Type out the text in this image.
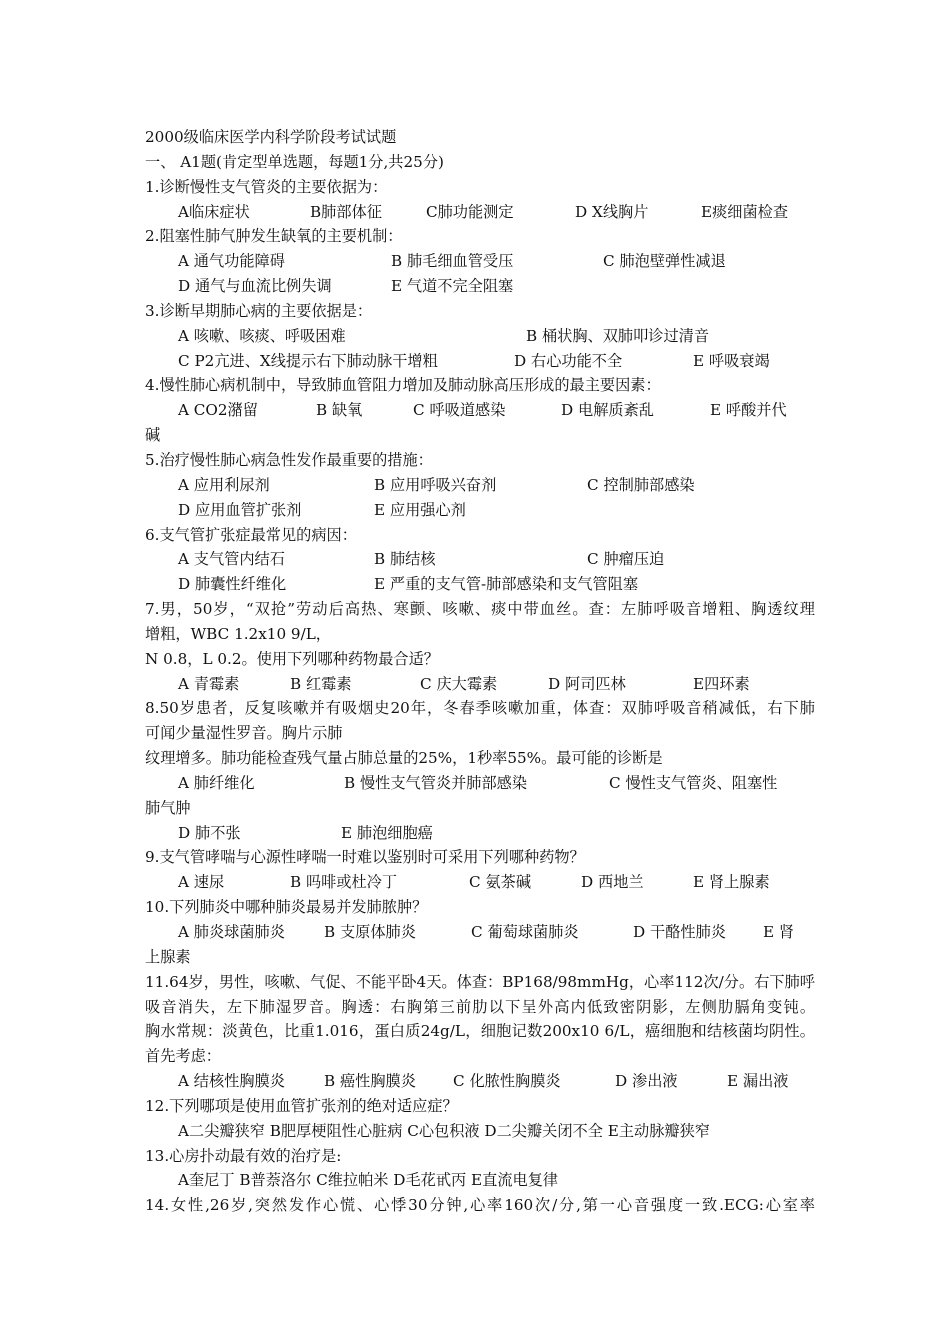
2000级临床医学内科学阶段考试试题
一、 A1题(肯定型单选题，每题1分,共25分)
1.诊断慢性支气管炎的主要依据为：
A临床症状	B肺部体征	C肺功能测定	D X线胸片	E痰细菌检查
2.阻塞性肺气肿发生缺氧的主要机制：
A 通气功能障碍	B 肺毛细血管受压	C 肺泡壁弹性减退
D 通气与血流比例失调	E 气道不完全阻塞
3.诊断早期肺心病的主要依据是：
A 咳嗽、咳痰、呼吸困难	B 桶状胸、双肺叩诊过清音
C P2亢进、X线提示右下肺动脉干增粗	D 右心功能不全	E 呼吸衰竭
4.慢性肺心病机制中，导致肺血管阻力增加及肺动脉高压形成的最主要因素：
A CO2潴留	B 缺氧	C 呼吸道感染	D 电解质紊乱	E 呼酸并代
碱
5.治疗慢性肺心病急性发作最重要的措施：
A 应用利尿剂	B 应用呼吸兴奋剂	C 控制肺部感染
D 应用血管扩张剂	E 应用强心剂
6.支气管扩张症最常见的病因：
A 支气管内结石	B 肺结核	C 肿瘤压迫
D 肺囊性纤维化	E 严重的支气管-肺部感染和支气管阻塞
7.男，50岁，“双抢”劳动后高热、寒颤、咳嗽、痰中带血丝。查：左肺呼吸音增粗、胸透纹理
增粗，WBC 1.2x10 9/L，
N 0.8，L 0.2。使用下列哪种药物最合适？
A 青霉素	B 红霉素	C 庆大霉素	D 阿司匹林	E四环素
8.50岁患者，反复咳嗽并有吸烟史20年，冬春季咳嗽加重，体查：双肺呼吸音稍减低，右下肺
可闻少量湿性罗音。胸片示肺
纹理增多。肺功能检查残气量占肺总量的25%，1秒率55%。最可能的诊断是
A 肺纤维化	B 慢性支气管炎并肺部感染	C 慢性支气管炎、阻塞性
肺气肿
D 肺不张	E 肺泡细胞癌
9.支气管哮喘与心源性哮喘一时难以鉴别时可采用下列哪种药物？
A 速尿	B 吗啡或杜冷丁	C 氨茶碱	D 西地兰	E 肾上腺素
10.下列肺炎中哪种肺炎最易并发肺脓肿？
A 肺炎球菌肺炎	B 支原体肺炎	C 葡萄球菌肺炎	D 干酪性肺炎 E 肾
上腺素
11.64岁，男性，咳嗽、气促、不能平卧4天。体查：BP168/98mmHg，心率112次/分。右下肺呼
吸音消失，左下肺湿罗音。胸透：右胸第三前肋以下呈外高内低致密阴影，左侧肋膈角变钝。
胸水常规：淡黄色，比重1.016，蛋白质24g/L，细胞记数200x10 6/L，癌细胞和结核菌均阴性。
首先考虑：
A 结核性胸膜炎	B 癌性胸膜炎 C 化脓性胸膜炎	D 渗出液	E 漏出液
12.下列哪项是使用血管扩张剂的绝对适应症？
A二尖瓣狭窄 B肥厚梗阻性心脏病 C心包积液 D二尖瓣关闭不全 E主动脉瓣狭窄
13.心房扑动最有效的治疗是:
A奎尼丁 B普萘洛尔 C维拉帕米 D毛花甙丙 E直流电复律
14.女性,26岁,突然发作心慌、心悸30分钟,心率160次/分,第一心音强度一致.ECG:心室率
